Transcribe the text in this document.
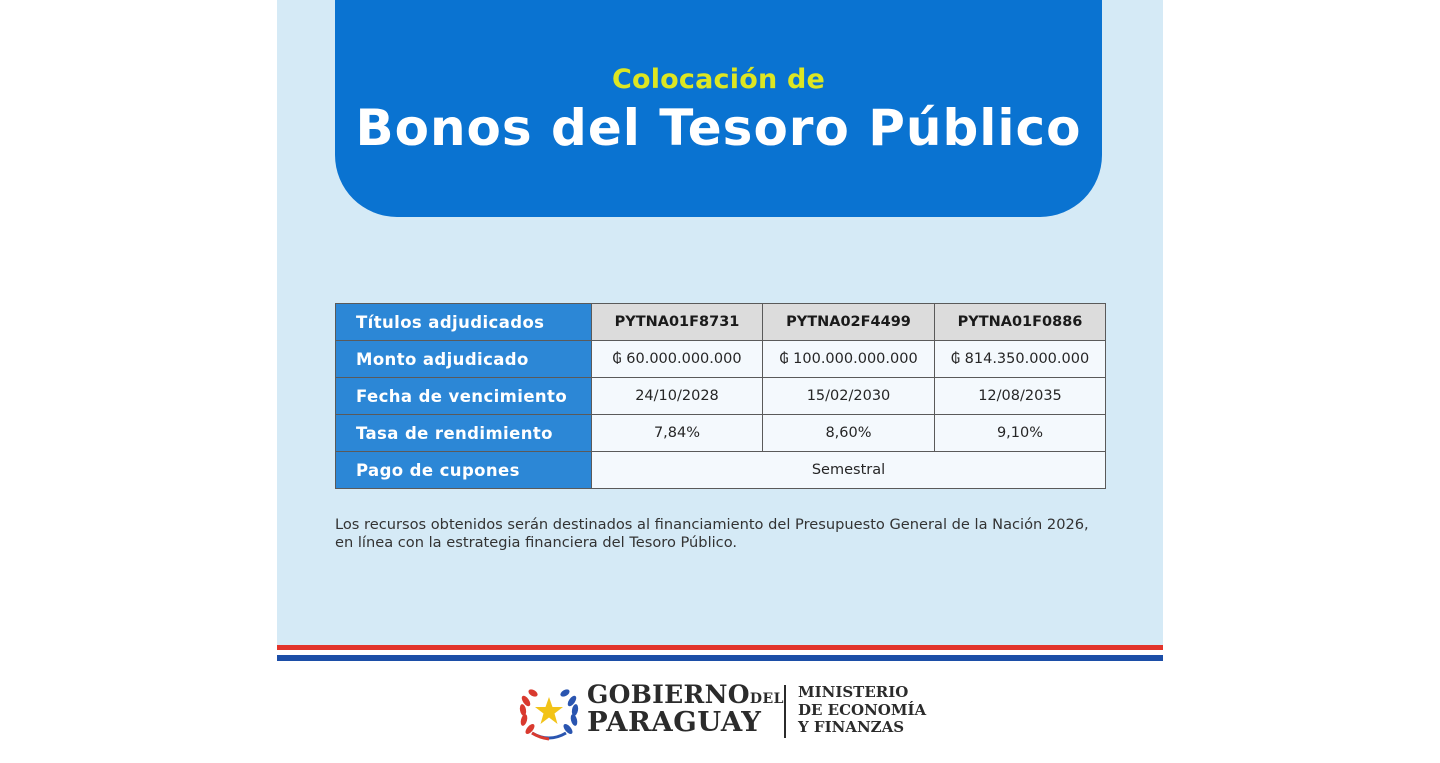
Colocación de
Bonos del Tesoro Público
Títulos adjudicados	PYTNA01F8731	PYTNA02F4499	PYTNA01F0886
Monto adjudicado	₲ 60.000.000.000	₲ 100.000.000.000	₲ 814.350.000.000
Fecha de vencimiento	24/10/2028	15/02/2030	12/08/2035
Tasa de rendimiento	7,84%	8,60%	9,10%
Pago de cupones	Semestral		
Los recursos obtenidos serán destinados al financiamiento del Presupuesto General de la Nación 2026,
en línea con la estrategia financiera del Tesoro Público.
GOBIERNODEL
PARAGUAY
MINISTERIO
DE ECONOMÍA
Y FINANZAS
